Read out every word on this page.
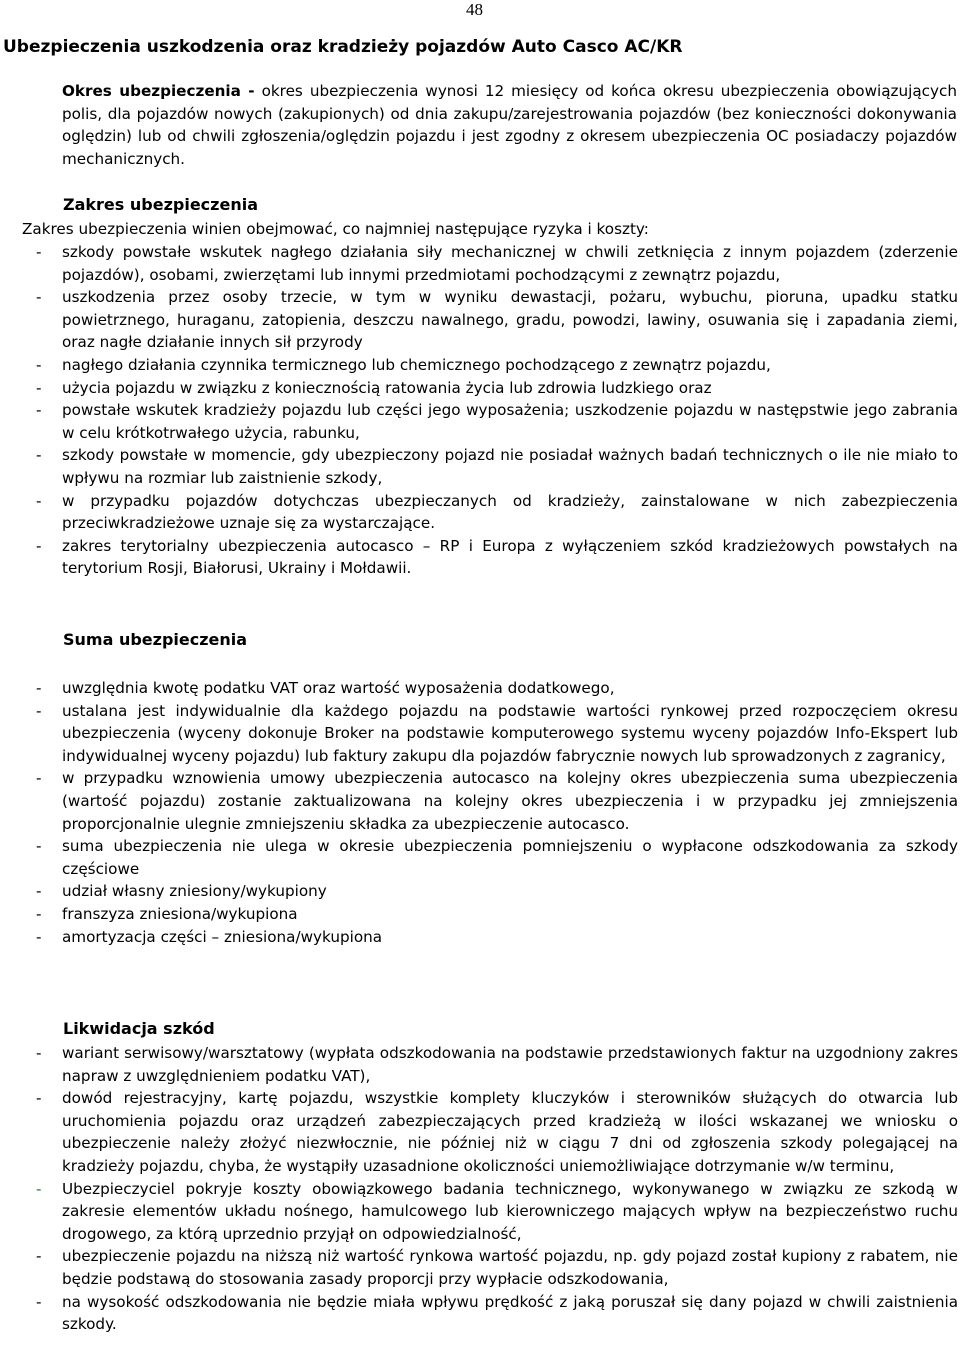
48
Ubezpieczenia uszkodzenia oraz kradzieży pojazdów Auto Casco AC/KR

Okres ubezpieczenia - okres ubezpieczenia wynosi 12 miesięcy od końca okresu ubezpieczenia obowiązujących polis, dla pojazdów nowych (zakupionych) od dnia zakupu/zarejestrowania pojazdów (bez konieczności dokonywania oględzin) lub od chwili zgłoszenia/oględzin pojazdu i jest zgodny z okresem ubezpieczenia OC posiadaczy pojazdów mechanicznych.

Zakres ubezpieczenia
Zakres ubezpieczenia winien obejmować, co najmniej następujące ryzyka i koszty:
- szkody powstałe wskutek nagłego działania siły mechanicznej w chwili zetknięcia z innym pojazdem (zderzenie pojazdów), osobami, zwierzętami lub innymi przedmiotami pochodzącymi z zewnątrz pojazdu,
- uszkodzenia przez osoby trzecie, w tym w wyniku dewastacji, pożaru, wybuchu, pioruna, upadku statku powietrznego, huraganu, zatopienia, deszczu nawalnego, gradu, powodzi, lawiny, osuwania się i zapadania ziemi, oraz nagłe działanie innych sił przyrody
- nagłego działania czynnika termicznego lub chemicznego pochodzącego z zewnątrz pojazdu,
- użycia pojazdu w związku z koniecznością ratowania życia lub zdrowia ludzkiego oraz
- powstałe wskutek kradzieży pojazdu lub części jego wyposażenia; uszkodzenie pojazdu w następstwie jego zabrania w celu krótkotrwałego użycia, rabunku,
- szkody powstałe w momencie, gdy ubezpieczony pojazd nie posiadał ważnych badań technicznych o ile nie miało to wpływu na rozmiar lub zaistnienie szkody,
- w przypadku pojazdów dotychczas ubezpieczanych od kradzieży, zainstalowane w nich zabezpieczenia przeciwkradzieżowe uznaje się za wystarczające.
- zakres terytorialny ubezpieczenia autocasco – RP i Europa z wyłączeniem szkód kradzieżowych powstałych na terytorium Rosji, Białorusi, Ukrainy i Mołdawii.
Suma ubezpieczenia
- uwzględnia kwotę podatku VAT oraz wartość wyposażenia dodatkowego,
- ustalana jest indywidualnie dla każdego pojazdu na podstawie wartości rynkowej przed rozpoczęciem okresu ubezpieczenia (wyceny dokonuje Broker na podstawie komputerowego systemu wyceny pojazdów Info-Ekspert lub indywidualnej wyceny pojazdu) lub faktury zakupu dla pojazdów fabrycznie nowych lub sprowadzonych z zagranicy,
- w przypadku wznowienia umowy ubezpieczenia autocasco na kolejny okres ubezpieczenia suma ubezpieczenia (wartość pojazdu) zostanie zaktualizowana na kolejny okres ubezpieczenia i w przypadku jej zmniejszenia proporcjonalnie ulegnie zmniejszeniu składka za ubezpieczenie autocasco.
- suma ubezpieczenia nie ulega w okresie ubezpieczenia pomniejszeniu o wypłacone odszkodowania za szkody częściowe
- udział własny zniesiony/wykupiony
- franszyza zniesiona/wykupiona
- amortyzacja części – zniesiona/wykupiona
Likwidacja szkód
- wariant serwisowy/warsztatowy (wypłata odszkodowania na podstawie przedstawionych faktur na uzgodniony zakres napraw z uwzględnieniem podatku VAT),
- dowód rejestracyjny, kartę pojazdu, wszystkie komplety kluczyków i sterowników służących do otwarcia lub uruchomienia pojazdu oraz urządzeń zabezpieczających przed kradzieżą w ilości wskazanej we wniosku o ubezpieczenie należy złożyć niezwłocznie, nie później niż w ciągu 7 dni od zgłoszenia szkody polegającej na kradzieży pojazdu, chyba, że wystąpiły uzasadnione okoliczności uniemożliwiające dotrzymanie w/w terminu,
- Ubezpieczyciel pokryje koszty obowiązkowego badania technicznego, wykonywanego w związku ze szkodą w zakresie elementów układu nośnego, hamulcowego lub kierowniczego mających wpływ na bezpieczeństwo ruchu drogowego, za którą uprzednio przyjął on odpowiedzialność,
- ubezpieczenie pojazdu na niższą niż wartość rynkowa wartość pojazdu, np. gdy pojazd został kupiony z rabatem, nie będzie podstawą do stosowania zasady proporcji przy wypłacie odszkodowania,
- na wysokość odszkodowania nie będzie miała wpływu prędkość z jaką poruszał się dany pojazd w chwili zaistnienia szkody.
